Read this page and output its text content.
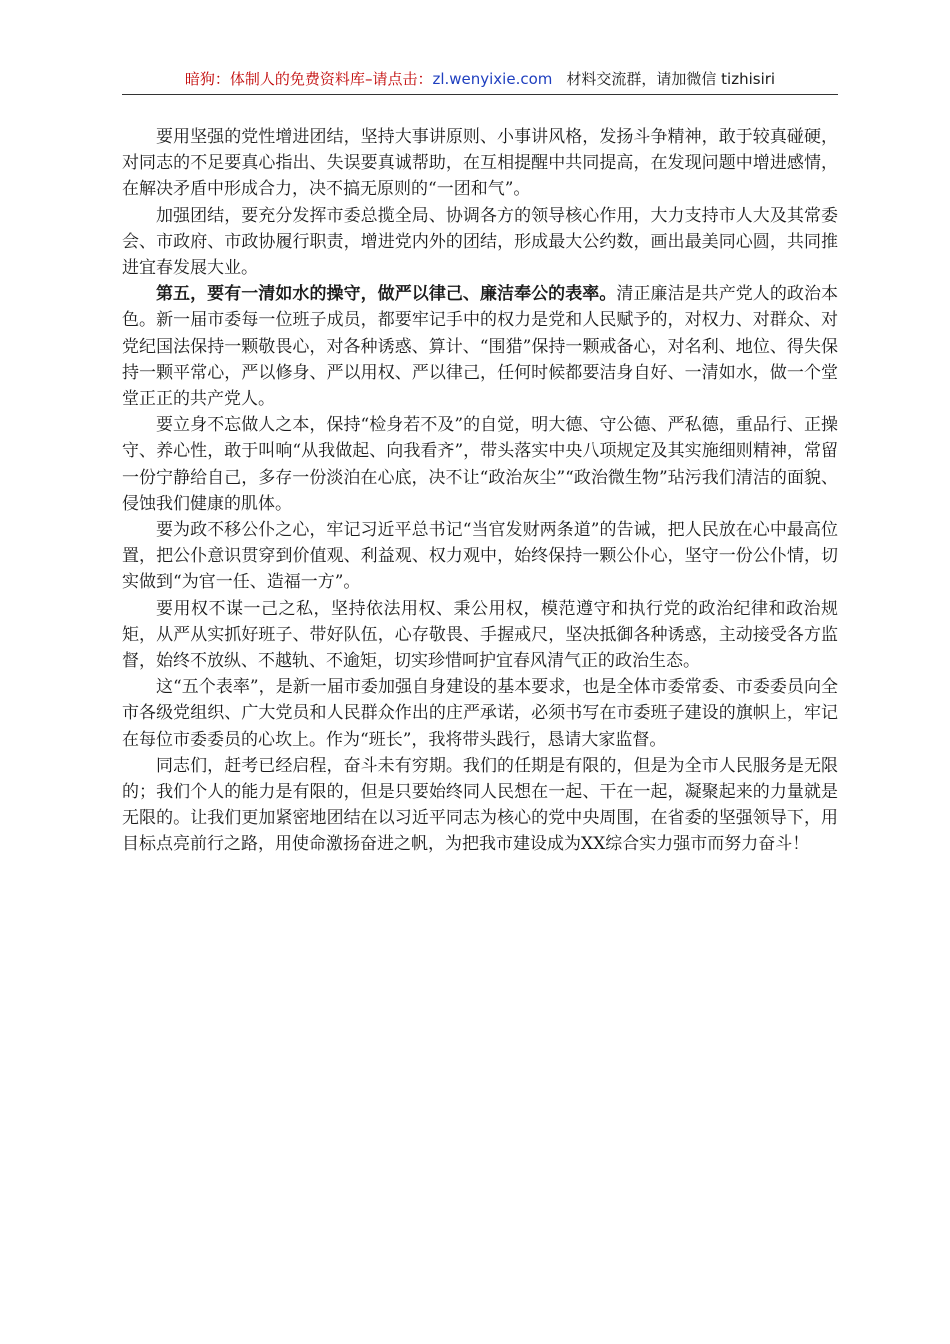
暗狗：体制人的免费资料库–请点击：zl.wenyixie.com 材料交流群，请加微信 tizhisiri

要用坚强的党性增进团结，坚持大事讲原则、小事讲风格，发扬斗争精神，敢于较真碰硬，对同志的不足要真心指出、失误要真诚帮助，在互相提醒中共同提高，在发现问题中增进感情，在解决矛盾中形成合力，决不搞无原则的“一团和气”。

加强团结，要充分发挥市委总揽全局、协调各方的领导核心作用，大力支持市人大及其常委会、市政府、市政协履行职责，增进党内外的团结，形成最大公约数，画出最美同心圆，共同推进宜春发展大业。

第五，要有一清如水的操守，做严以律己、廉洁奉公的表率。清正廉洁是共产党人的政治本色。新一届市委每一位班子成员，都要牢记手中的权力是党和人民赋予的，对权力、对群众、对党纪国法保持一颗敬畏心，对各种诱惑、算计、“围猎”保持一颗戒备心，对名利、地位、得失保持一颗平常心，严以修身、严以用权、严以律己，任何时候都要洁身自好、一清如水，做一个堂堂正正的共产党人。

要立身不忘做人之本，保持“检身若不及”的自觉，明大德、守公德、严私德，重品行、正操守、养心性，敢于叫响“从我做起、向我看齐”，带头落实中央八项规定及其实施细则精神，常留一份宁静给自己，多存一份淡泊在心底，决不让“政治灰尘”“政治微生物”玷污我们清洁的面貌、侵蚀我们健康的肌体。

要为政不移公仆之心，牢记习近平总书记“当官发财两条道”的告诫，把人民放在心中最高位置，把公仆意识贯穿到价值观、利益观、权力观中，始终保持一颗公仆心，坚守一份公仆情，切实做到“为官一任、造福一方”。

要用权不谋一己之私，坚持依法用权、秉公用权，模范遵守和执行党的政治纪律和政治规矩，从严从实抓好班子、带好队伍，心存敬畏、手握戒尺，坚决抵御各种诱惑，主动接受各方监督，始终不放纵、不越轨、不逾矩，切实珍惜呵护宜春风清气正的政治生态。

这“五个表率”，是新一届市委加强自身建设的基本要求，也是全体市委常委、市委委员向全市各级党组织、广大党员和人民群众作出的庄严承诺，必须书写在市委班子建设的旗帜上，牢记在每位市委委员的心坎上。作为“班长”，我将带头践行，恳请大家监督。

同志们，赶考已经启程，奋斗未有穷期。我们的任期是有限的，但是为全市人民服务是无限的；我们个人的能力是有限的，但是只要始终同人民想在一起、干在一起，凝聚起来的力量就是无限的。让我们更加紧密地团结在以习近平同志为核心的党中央周围，在省委的坚强领导下，用目标点亮前行之路，用使命激扬奋进之帆，为把我市建设成为XX综合实力强市而努力奋斗！
